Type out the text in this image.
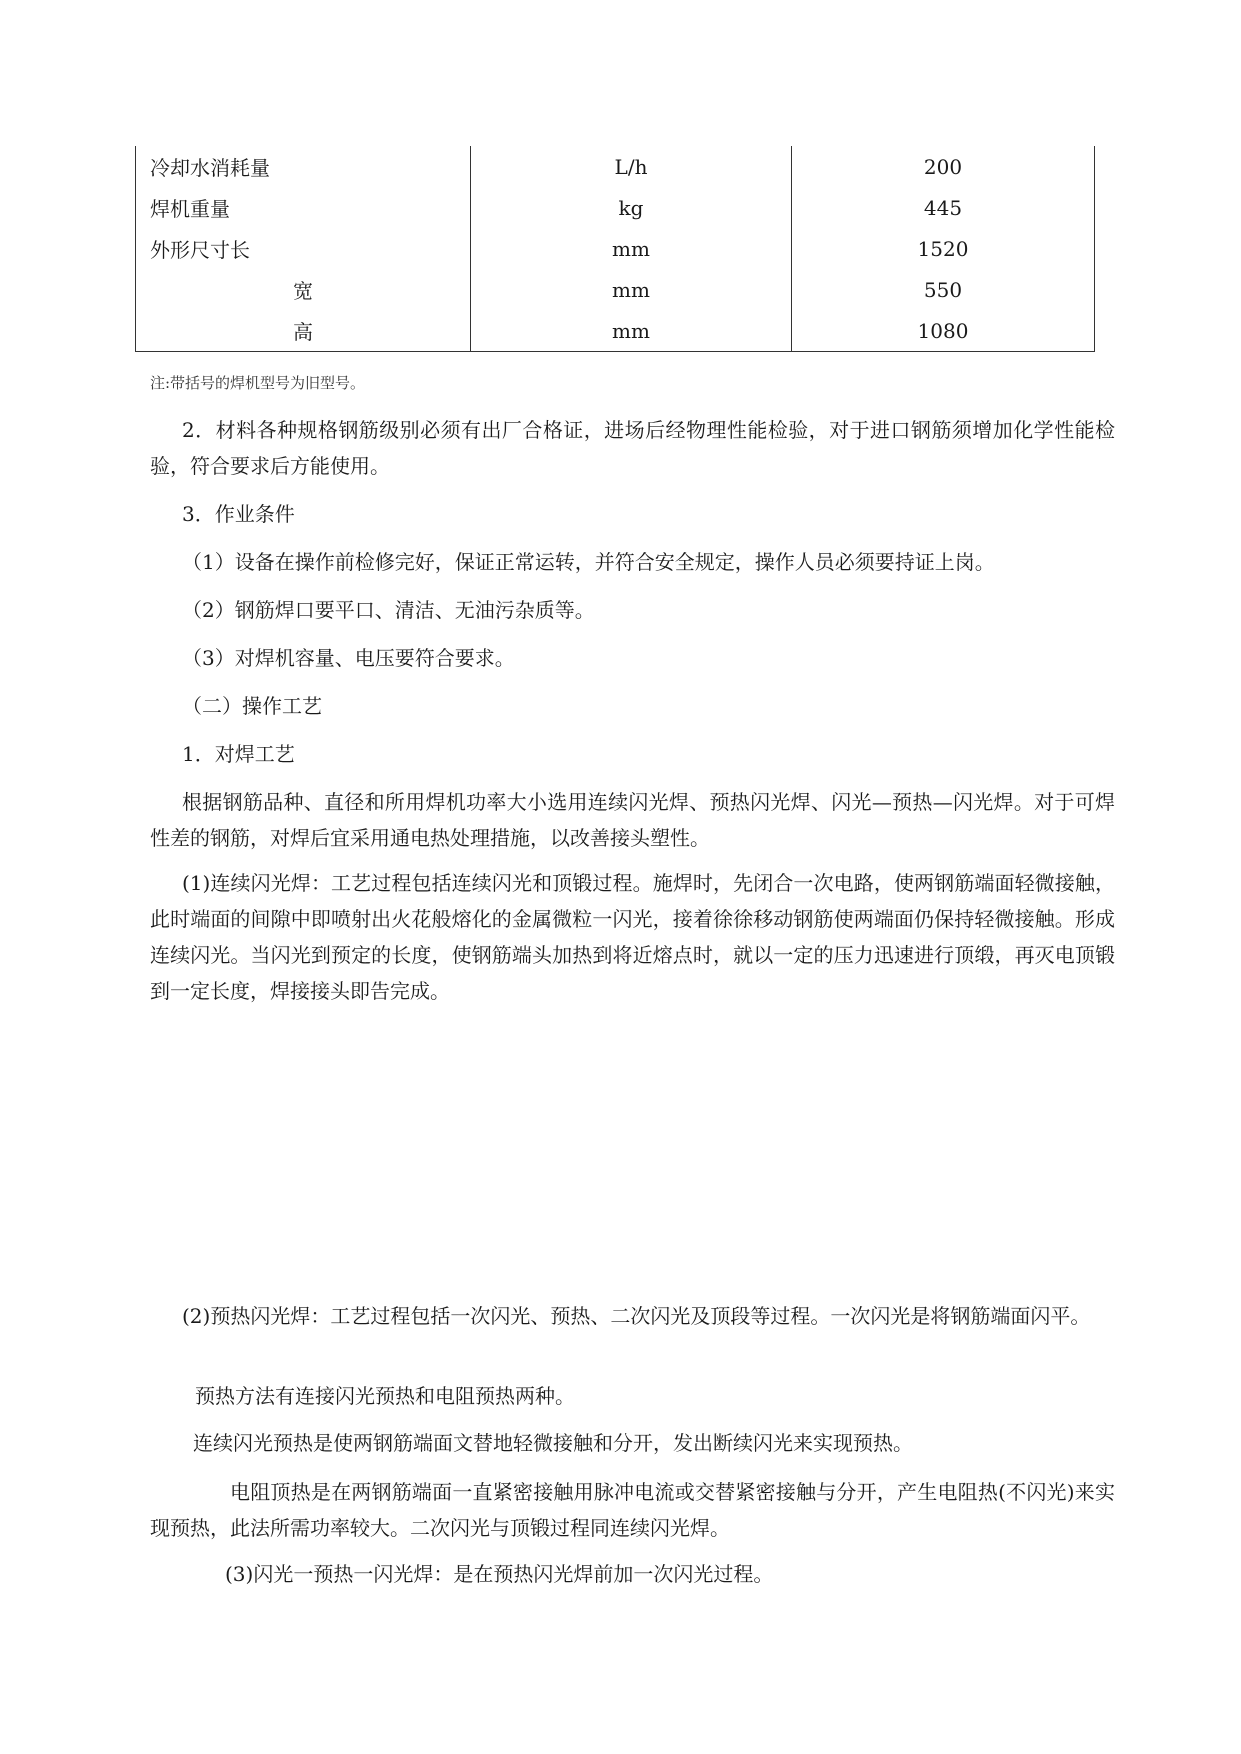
冷却水消耗量	L/h	200
焊机重量	kg	445
外形尺寸长	mm	1520
宽	mm	550
高	mm	1080
注:带括号的焊机型号为旧型号。

2．材料各种规格钢筋级别必须有出厂合格证，进场后经物理性能检验，对于进口钢筋须增加化学性能检验，符合要求后方能使用。

3．作业条件

（1）设备在操作前检修完好，保证正常运转，并符合安全规定，操作人员必须要持证上岗。

（2）钢筋焊口要平口、清洁、无油污杂质等。

（3）对焊机容量、电压要符合要求。

（二）操作工艺

1．对焊工艺

根据钢筋品种、直径和所用焊机功率大小选用连续闪光焊、预热闪光焊、闪光—预热—闪光焊。对于可焊性差的钢筋，对焊后宜采用通电热处理措施，以改善接头塑性。

(1)连续闪光焊：工艺过程包括连续闪光和顶锻过程。施焊时，先闭合一次电路，使两钢筋端面轻微接触，此时端面的间隙中即喷射出火花般熔化的金属微粒一闪光，接着徐徐移动钢筋使两端面仍保持轻微接触。形成连续闪光。当闪光到预定的长度，使钢筋端头加热到将近熔点时，就以一定的压力迅速进行顶缎，再灭电顶锻到一定长度，焊接接头即告完成。

(2)预热闪光焊：工艺过程包括一次闪光、预热、二次闪光及顶段等过程。一次闪光是将钢筋端面闪平。

预热方法有连接闪光预热和电阻预热两种。

连续闪光预热是使两钢筋端面文替地轻微接触和分开，发出断续闪光来实现预热。

电阻顶热是在两钢筋端面一直紧密接触用脉冲电流或交替紧密接触与分开，产生电阻热(不闪光)来实现预热，此法所需功率较大。二次闪光与顶锻过程同连续闪光焊。

(3)闪光一预热一闪光焊：是在预热闪光焊前加一次闪光过程。
